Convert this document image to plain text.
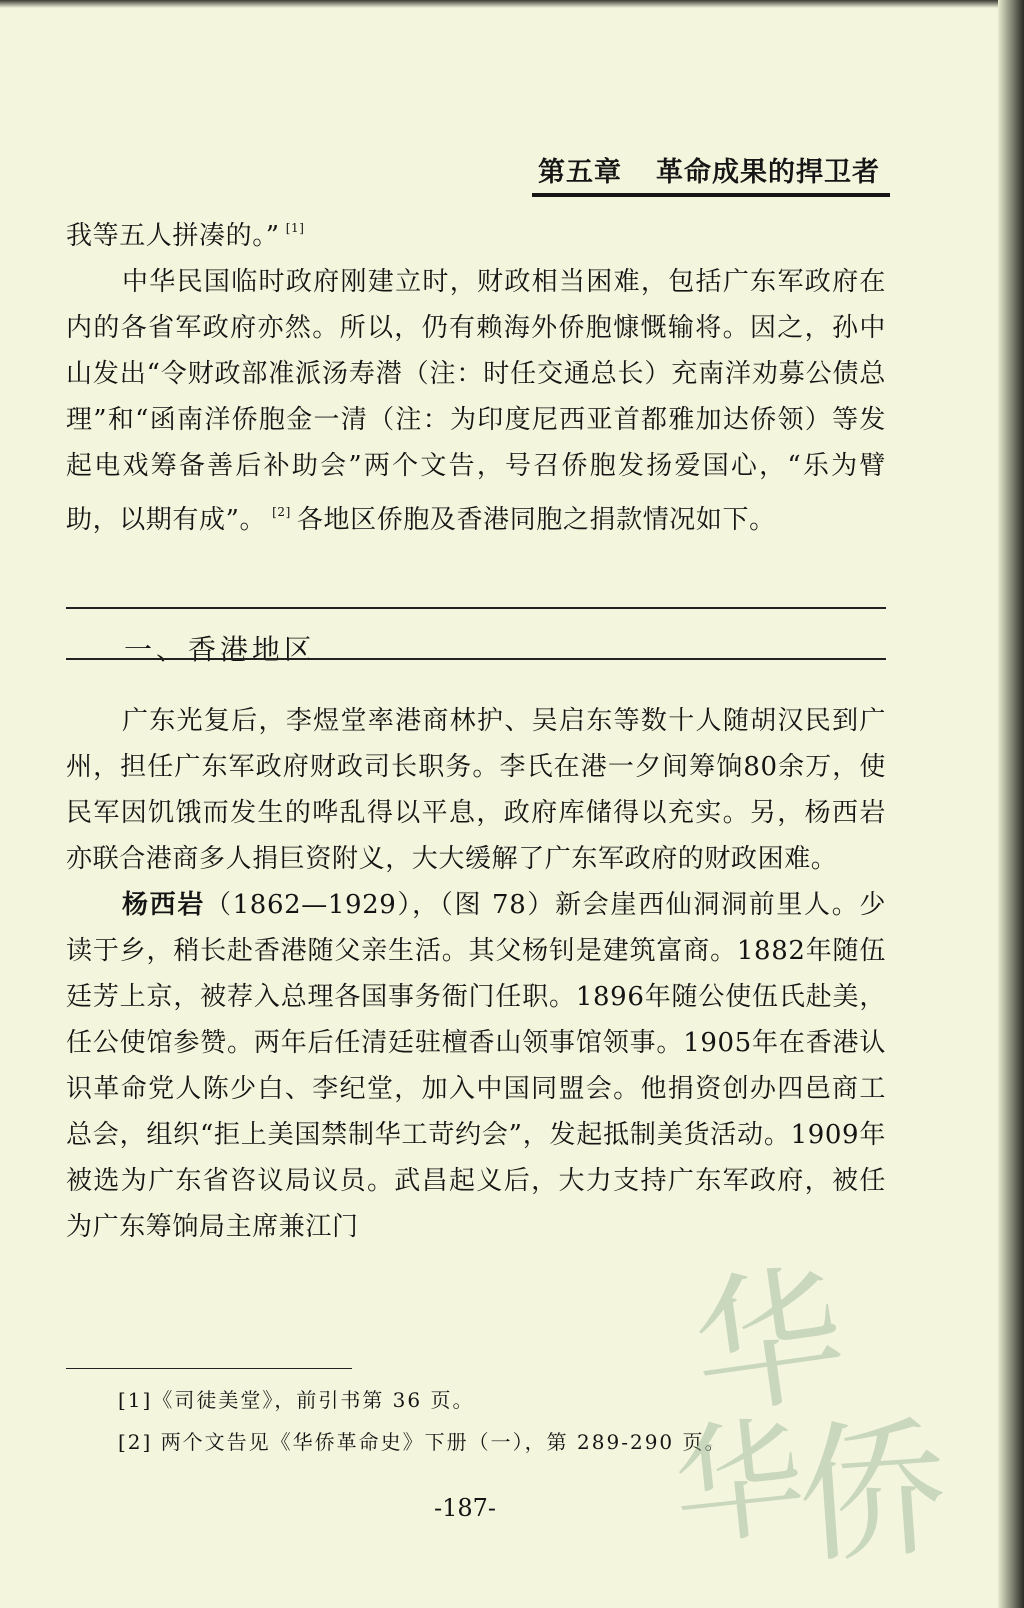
第五章 革命成果的捍卫者

我等五人拼凑的。” [1]

中华民国临时政府刚建立时，财政相当困难，包括广东军政府在内的各省军政府亦然。所以，仍有赖海外侨胞慷慨输将。因之，孙中山发出“令财政部准派汤寿潜（注：时任交通总长）充南洋劝募公债总理”和“函南洋侨胞金一清（注：为印度尼西亚首都雅加达侨领）等发起电戏筹备善后补助会”两个文告，号召侨胞发扬爱国心，“乐为臂助，以期有成”。 [2] 各地区侨胞及香港同胞之捐款情况如下。

一、香港地区

广东光复后，李煜堂率港商林护、吴启东等数十人随胡汉民到广州，担任广东军政府财政司长职务。李氏在港一夕间筹饷80余万，使民军因饥饿而发生的哗乱得以平息，政府库储得以充实。另，杨西岩亦联合港商多人捐巨资附义，大大缓解了广东军政府的财政困难。

杨西岩（1862—1929），（图 78）新会崖西仙洞洞前里人。少读于乡，稍长赴香港随父亲生活。其父杨钊是建筑富商。1882年随伍廷芳上京，被荐入总理各国事务衙门任职。1896年随公使伍氏赴美，任公使馆参赞。两年后任清廷驻檀香山领事馆领事。1905年在香港认识革命党人陈少白、李纪堂，加入中国同盟会。他捐资创办四邑商工总会，组织“拒上美国禁制华工苛约会”，发起抵制美货活动。1909年被选为广东省咨议局议员。武昌起义后，大力支持广东军政府，被任为广东筹饷局主席兼江门

[1]《司徒美堂》，前引书第 36 页。
[2] 两个文告见《华侨革命史》下册（一），第 289-290 页。
-187-
华
华
侨
